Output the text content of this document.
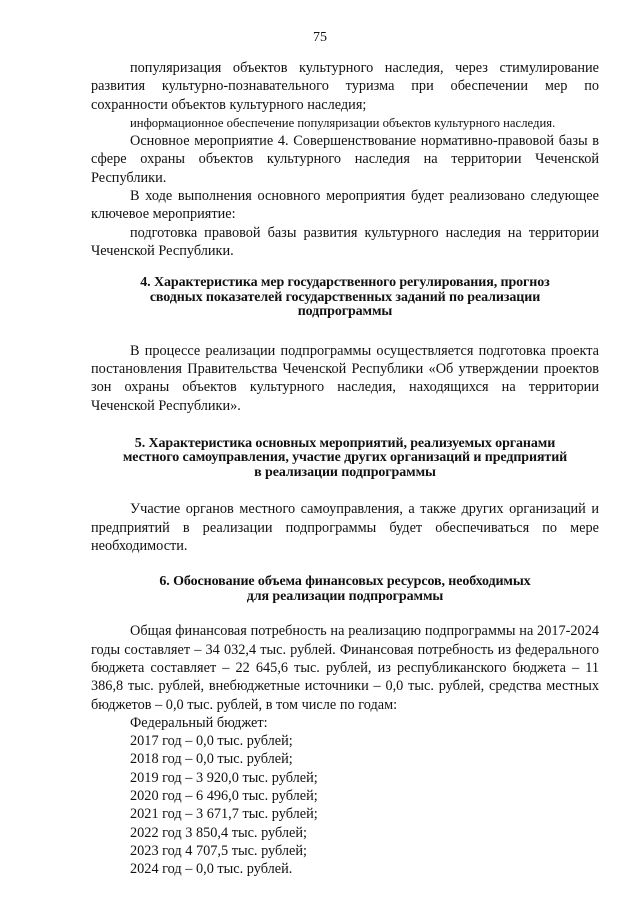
75

популяризация объектов культурного наследия, через стимулирование развития культурно-познавательного туризма при обеспечении мер по сохранности объектов культурного наследия;

информационное обеспечение популяризации объектов культурного наследия.

Основное мероприятие 4. Совершенствование нормативно-правовой базы в сфере охраны объектов культурного наследия на территории Чеченской Республики.

В ходе выполнения основного мероприятия будет реализовано следующее ключевое мероприятие:

подготовка правовой базы развития культурного наследия на территории Чеченской Республики.

4. Характеристика мер государственного регулирования, прогноз

сводных показателей государственных заданий по реализации

подпрограммы

В процессе реализации подпрограммы осуществляется подготовка проекта постановления Правительства Чеченской Республики «Об утверждении проектов зон охраны объектов культурного наследия, находящихся на территории Чеченской Республики».

5. Характеристика основных мероприятий, реализуемых органами

местного самоуправления, участие других организаций и предприятий

в реализации подпрограммы

Участие органов местного самоуправления, а также других организаций и предприятий в реализации подпрограммы будет обеспечиваться по мере необходимости.

6. Обоснование объема финансовых ресурсов, необходимых

для реализации подпрограммы

Общая финансовая потребность на реализацию подпрограммы на 2017-2024 годы составляет – 34 032,4 тыс. рублей. Финансовая потребность из федерального бюджета составляет – 22 645,6 тыс. рублей, из республиканского бюджета – 11 386,8 тыс. рублей, внебюджетные источники – 0,0 тыс. рублей, средства местных бюджетов – 0,0 тыс. рублей, в том числе по годам:

Федеральный бюджет:

2017 год – 0,0 тыс. рублей;

2018 год – 0,0 тыс. рублей;

2019 год – 3 920,0 тыс. рублей;

2020 год – 6 496,0 тыс. рублей;

2021 год – 3 671,7 тыс. рублей;

2022 год 3 850,4 тыс. рублей;

2023 год 4 707,5 тыс. рублей;

2024 год – 0,0 тыс. рублей.
